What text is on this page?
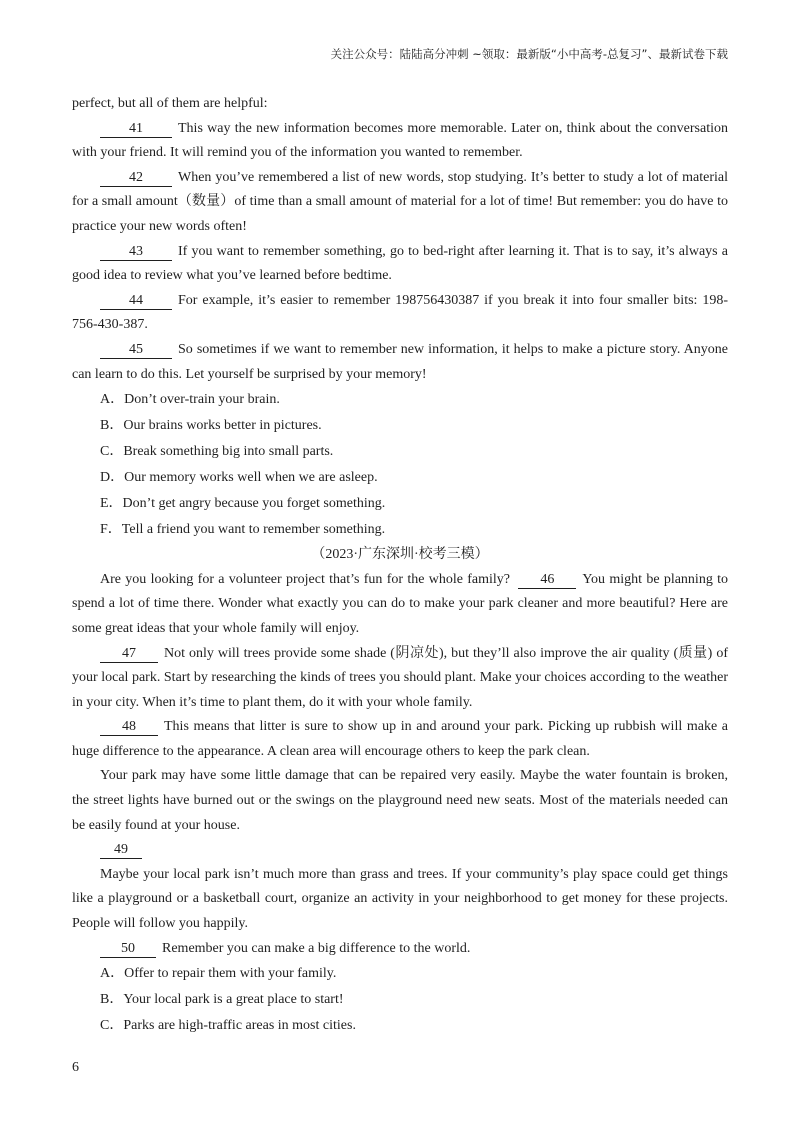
关注公众号：陆陆高分冲刺 ~领取：最新版“小中高考-总复习”、最新试卷下载

perfect, but all of them are helpful:

41	This way the new information becomes more memorable. Later on, think about the conversation with your friend. It will remind you of the information you wanted to remember.

42	When you’ve remembered a list of new words, stop studying. It’s better to study a lot of material for a small amount（数量）of time than a small amount of material for a lot of time! But remember: you do have to practice your new words often!

43	If you want to remember something, go to bed-right after learning it. That is to say, it’s always a good idea to review what you’ve learned before bedtime.

44	For example, it’s easier to remember 198756430387 if you break it into four smaller bits: 198-756-430-387.

45	So sometimes if we want to remember new information, it helps to make a picture story. Anyone can learn to do this. Let yourself be surprised by your memory!

A．Don’t over-train your brain.

B．Our brains works better in pictures.

C．Break something big into small parts.

D．Our memory works well when we are asleep.

E．Don’t get angry because you forget something.

F．Tell a friend you want to remember something.

（2023·广东深圳·校考三模）

Are you looking for a volunteer project that’s fun for the whole family? 46 You might be planning to spend a lot of time there. Wonder what exactly you can do to make your park cleaner and more beautiful? Here are some great ideas that your whole family will enjoy.

47 Not only will trees provide some shade (阴凉处), but they’ll also improve the air quality (质量) of your local park. Start by researching the kinds of trees you should plant. Make your choices according to the weather in your city. When it’s time to plant them, do it with your whole family.

48 This means that litter is sure to show up in and around your park. Picking up rubbish will make a huge difference to the appearance. A clean area will encourage others to keep the park clean.

Your park may have some little damage that can be repaired very easily. Maybe the water fountain is broken, the street lights have burned out or the swings on the playground need new seats. Most of the materials needed can be easily found at your house.

49

Maybe your local park isn’t much more than grass and trees. If your community’s play space could get things like a playground or a basketball court, organize an activity in your neighborhood to get money for these projects. People will follow you happily.

50 Remember you can make a big difference to the world.

A．Offer to repair them with your family.

B．Your local park is a great place to start!

C．Parks are high-traffic areas in most cities.

6
